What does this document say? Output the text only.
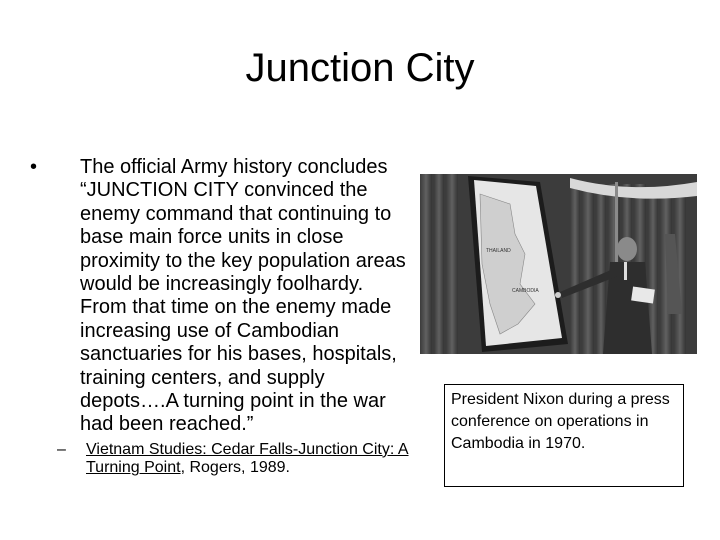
Junction City
•	The official Army history concludes “JUNCTION CITY convinced the enemy command that continuing to base main force units in close proximity to the key population areas would be increasingly foolhardy. From that time on the enemy made increasing use of Cambodian sanctuaries for his bases, hospitals, training centers, and supply depots….A turning point in the war had been reached.”
– Vietnam Studies: Cedar Falls-Junction City: A Turning Point, Rogers, 1989.
THAILAND
CAMBODIA
President Nixon during a press conference on operations in Cambodia in 1970.
